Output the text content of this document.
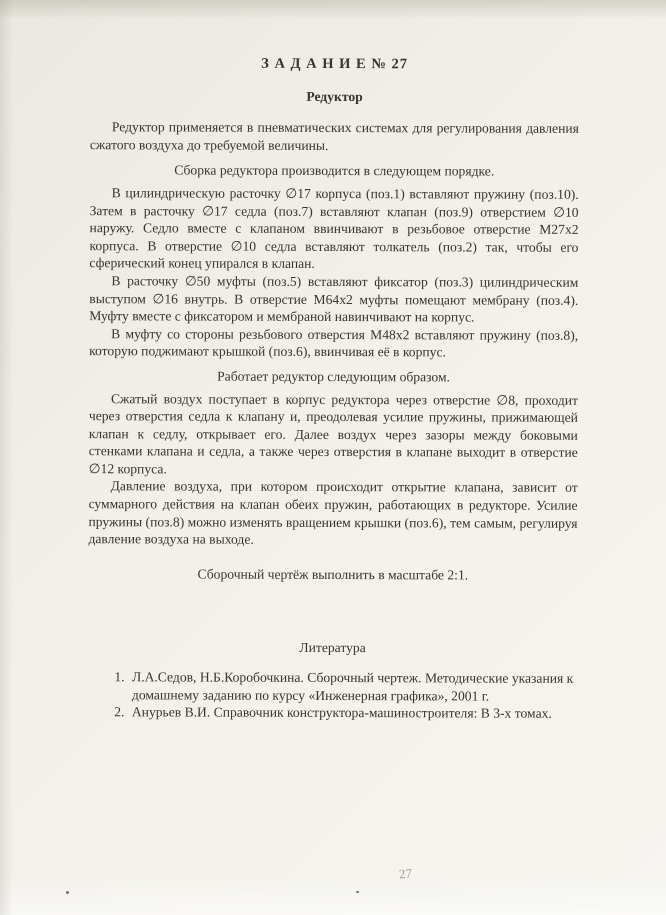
З А Д А Н И Е № 27
Редуктор

Редуктор применяется в пневматических системах для регулирования давления сжатого воздуха до требуемой величины.

Сборка редуктора производится в следующем порядке.

В цилиндрическую расточку ∅17 корпуса (поз.1) вставляют пружину (поз.10). Затем в расточку ∅17 седла (поз.7) вставляют клапан (поз.9) отверстием ∅10 наружу. Седло вместе с клапаном ввинчивают в резьбовое отверстие М27х2 корпуса. В отверстие ∅10 седла вставляют толкатель (поз.2) так, чтобы его сферический конец упирался в клапан.

В расточку ∅50 муфты (поз.5) вставляют фиксатор (поз.3) цилиндрическим выступом ∅16 внутрь. В отверстие М64х2 муфты помещают мембрану (поз.4). Муфту вместе с фиксатором и мембраной навинчивают на корпус.

В муфту со стороны резьбового отверстия М48х2 вставляют пружину (поз.8), которую поджимают крышкой (поз.6), ввинчивая её в корпус.

Работает редуктор следующим образом.

Сжатый воздух поступает в корпус редуктора через отверстие ∅8, проходит через отверстия седла к клапану и, преодолевая усилие пружины, прижимающей клапан к седлу, открывает его. Далее воздух через зазоры между боковыми стенками клапана и седла, а также через отверстия в клапане выходит в отверстие ∅12 корпуса.

Давление воздуха, при котором происходит открытие клапана, зависит от суммарного действия на клапан обеих пружин, работающих в редукторе. Усилие пружины (поз.8) можно изменять вращением крышки (поз.6), тем самым, регулируя давление воздуха на выходе.

Сборочный чертёж выполнить в масштабе 2:1.
Литература
1. Л.А.Седов, Н.Б.Коробочкина. Сборочный чертеж. Методические указания к домашнему заданию по курсу «Инженерная графика», 2001 г.
2. Анурьев В.И. Справочник конструктора-машиностроителя: В 3-х томах.
27
